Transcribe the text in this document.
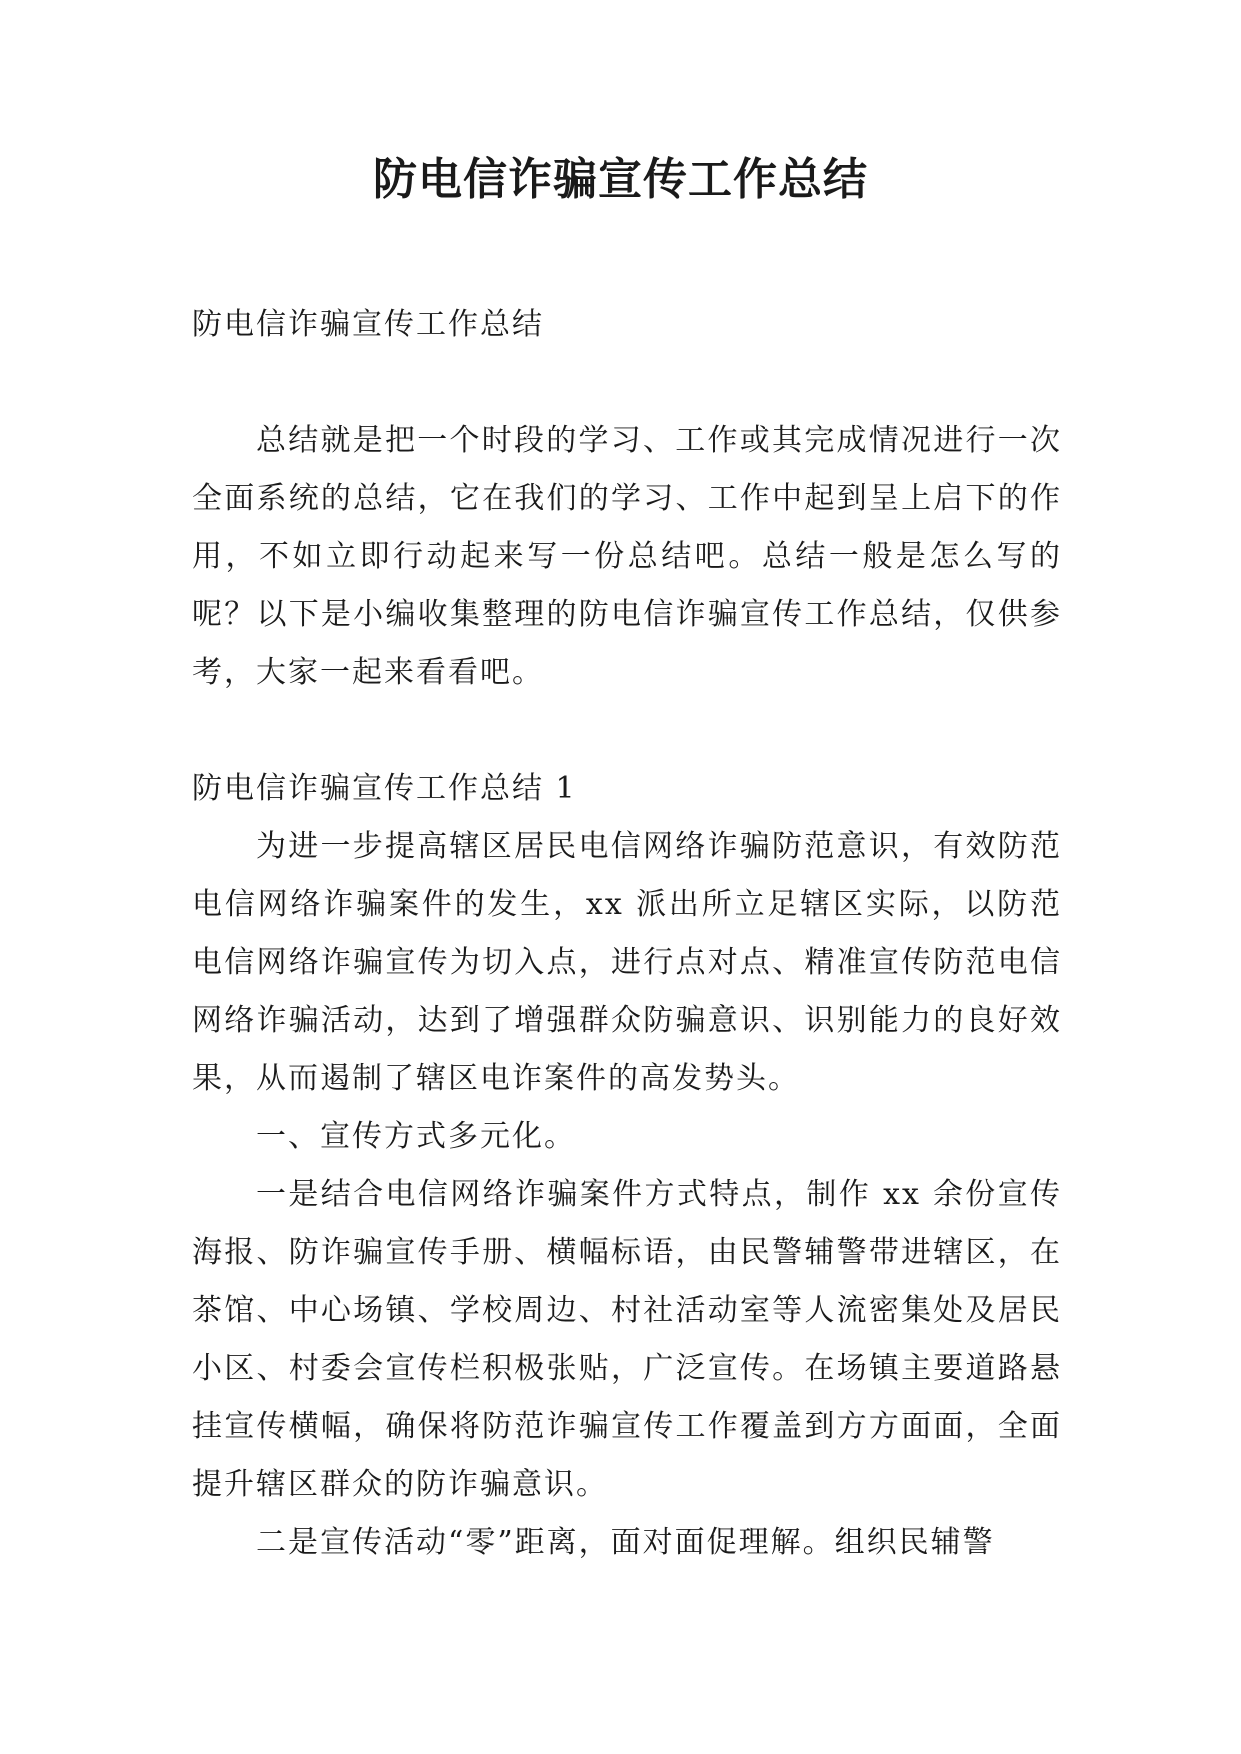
防电信诈骗宣传工作总结

防电信诈骗宣传工作总结

总结就是把一个时段的学习、工作或其完成情况进行一次全面系统的总结，它在我们的学习、工作中起到呈上启下的作用，不如立即行动起来写一份总结吧。总结一般是怎么写的呢？以下是小编收集整理的防电信诈骗宣传工作总结，仅供参考，大家一起来看看吧。

防电信诈骗宣传工作总结 1

为进一步提高辖区居民电信网络诈骗防范意识，有效防范电信网络诈骗案件的发生，xx 派出所立足辖区实际，以防范电信网络诈骗宣传为切入点，进行点对点、精准宣传防范电信网络诈骗活动，达到了增强群众防骗意识、识别能力的良好效果，从而遏制了辖区电诈案件的高发势头。

一、宣传方式多元化。

一是结合电信网络诈骗案件方式特点，制作 xx 余份宣传海报、防诈骗宣传手册、横幅标语，由民警辅警带进辖区，在茶馆、中心场镇、学校周边、村社活动室等人流密集处及居民小区、村委会宣传栏积极张贴，广泛宣传。在场镇主要道路悬挂宣传横幅，确保将防范诈骗宣传工作覆盖到方方面面，全面提升辖区群众的防诈骗意识。

二是宣传活动“零”距离，面对面促理解。组织民辅警
